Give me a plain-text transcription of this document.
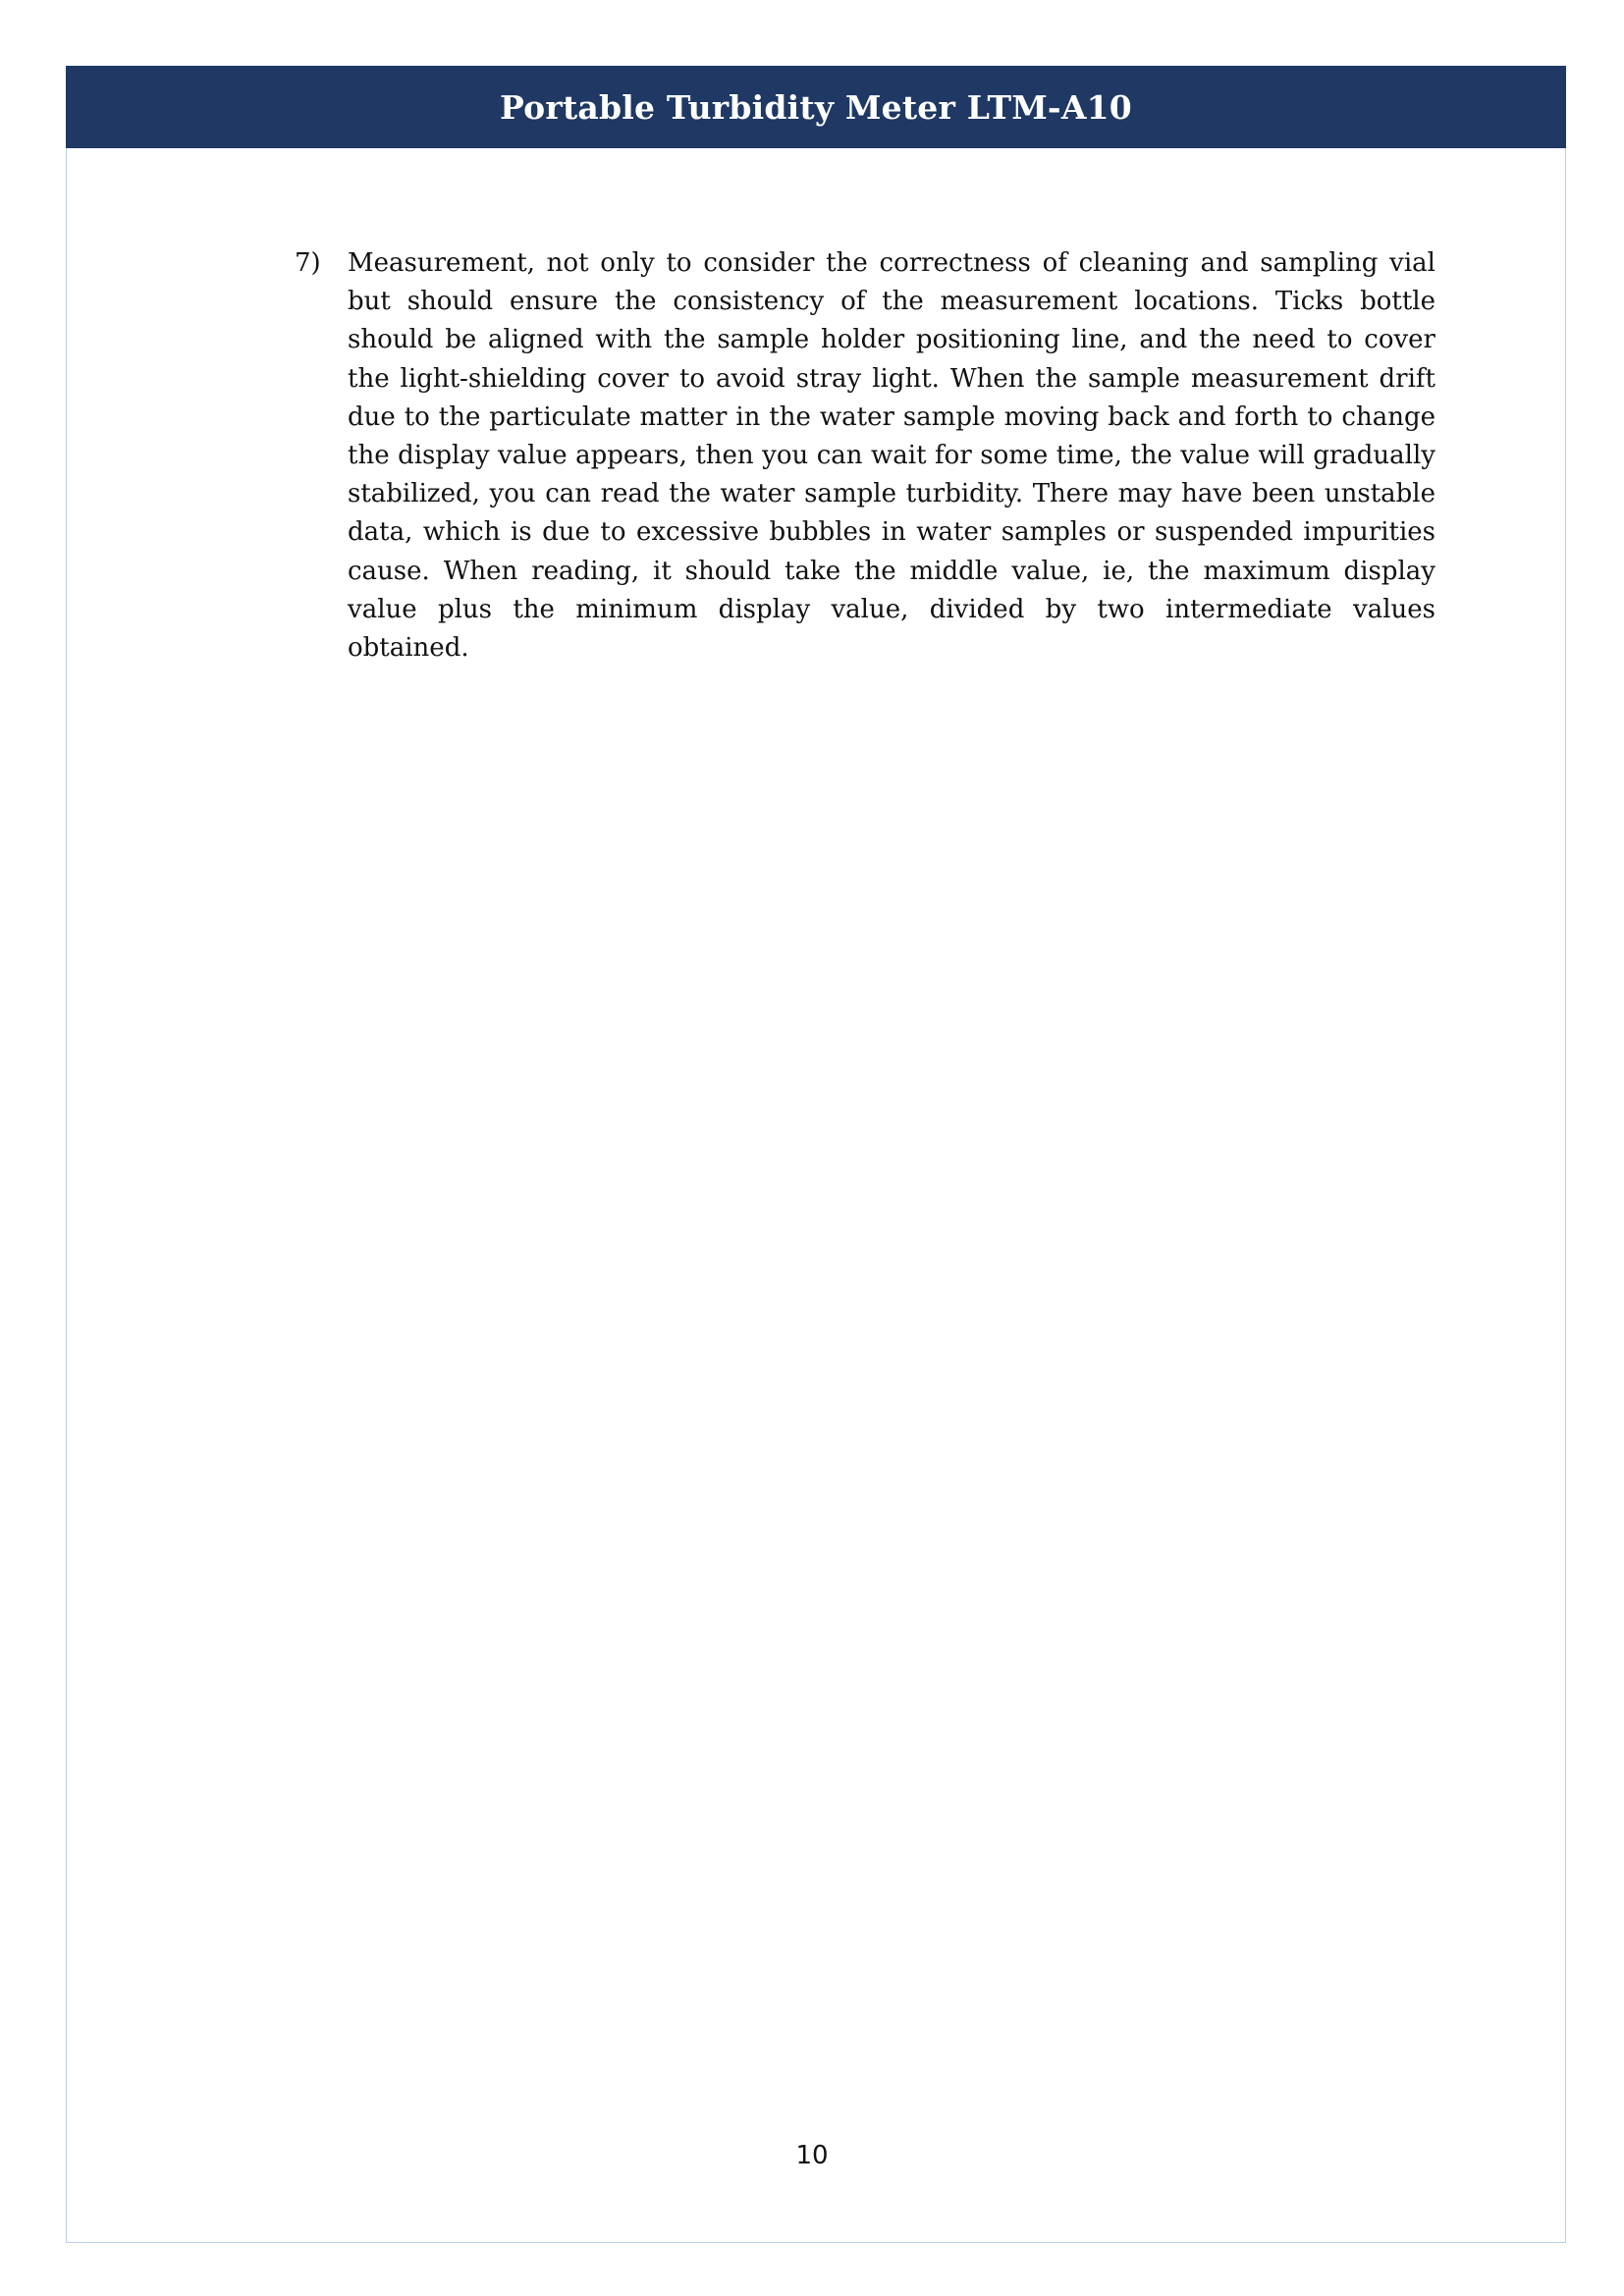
Portable Turbidity Meter LTM-A10
7)	Measurement, not only to consider the correctness of cleaning and sampling vial but should ensure the consistency of the measurement locations. Ticks bottle should be aligned with the sample holder positioning line, and the need to cover the light-shielding cover to avoid stray light. When the sample measurement drift due to the particulate matter in the water sample moving back and forth to change the display value appears, then you can wait for some time, the value will gradually stabilized, you can read the water sample turbidity. There may have been unstable data, which is due to excessive bubbles in water samples or suspended impurities cause. When reading, it should take the middle value, ie, the maximum display value plus the minimum display value, divided by two intermediate values obtained.
10
